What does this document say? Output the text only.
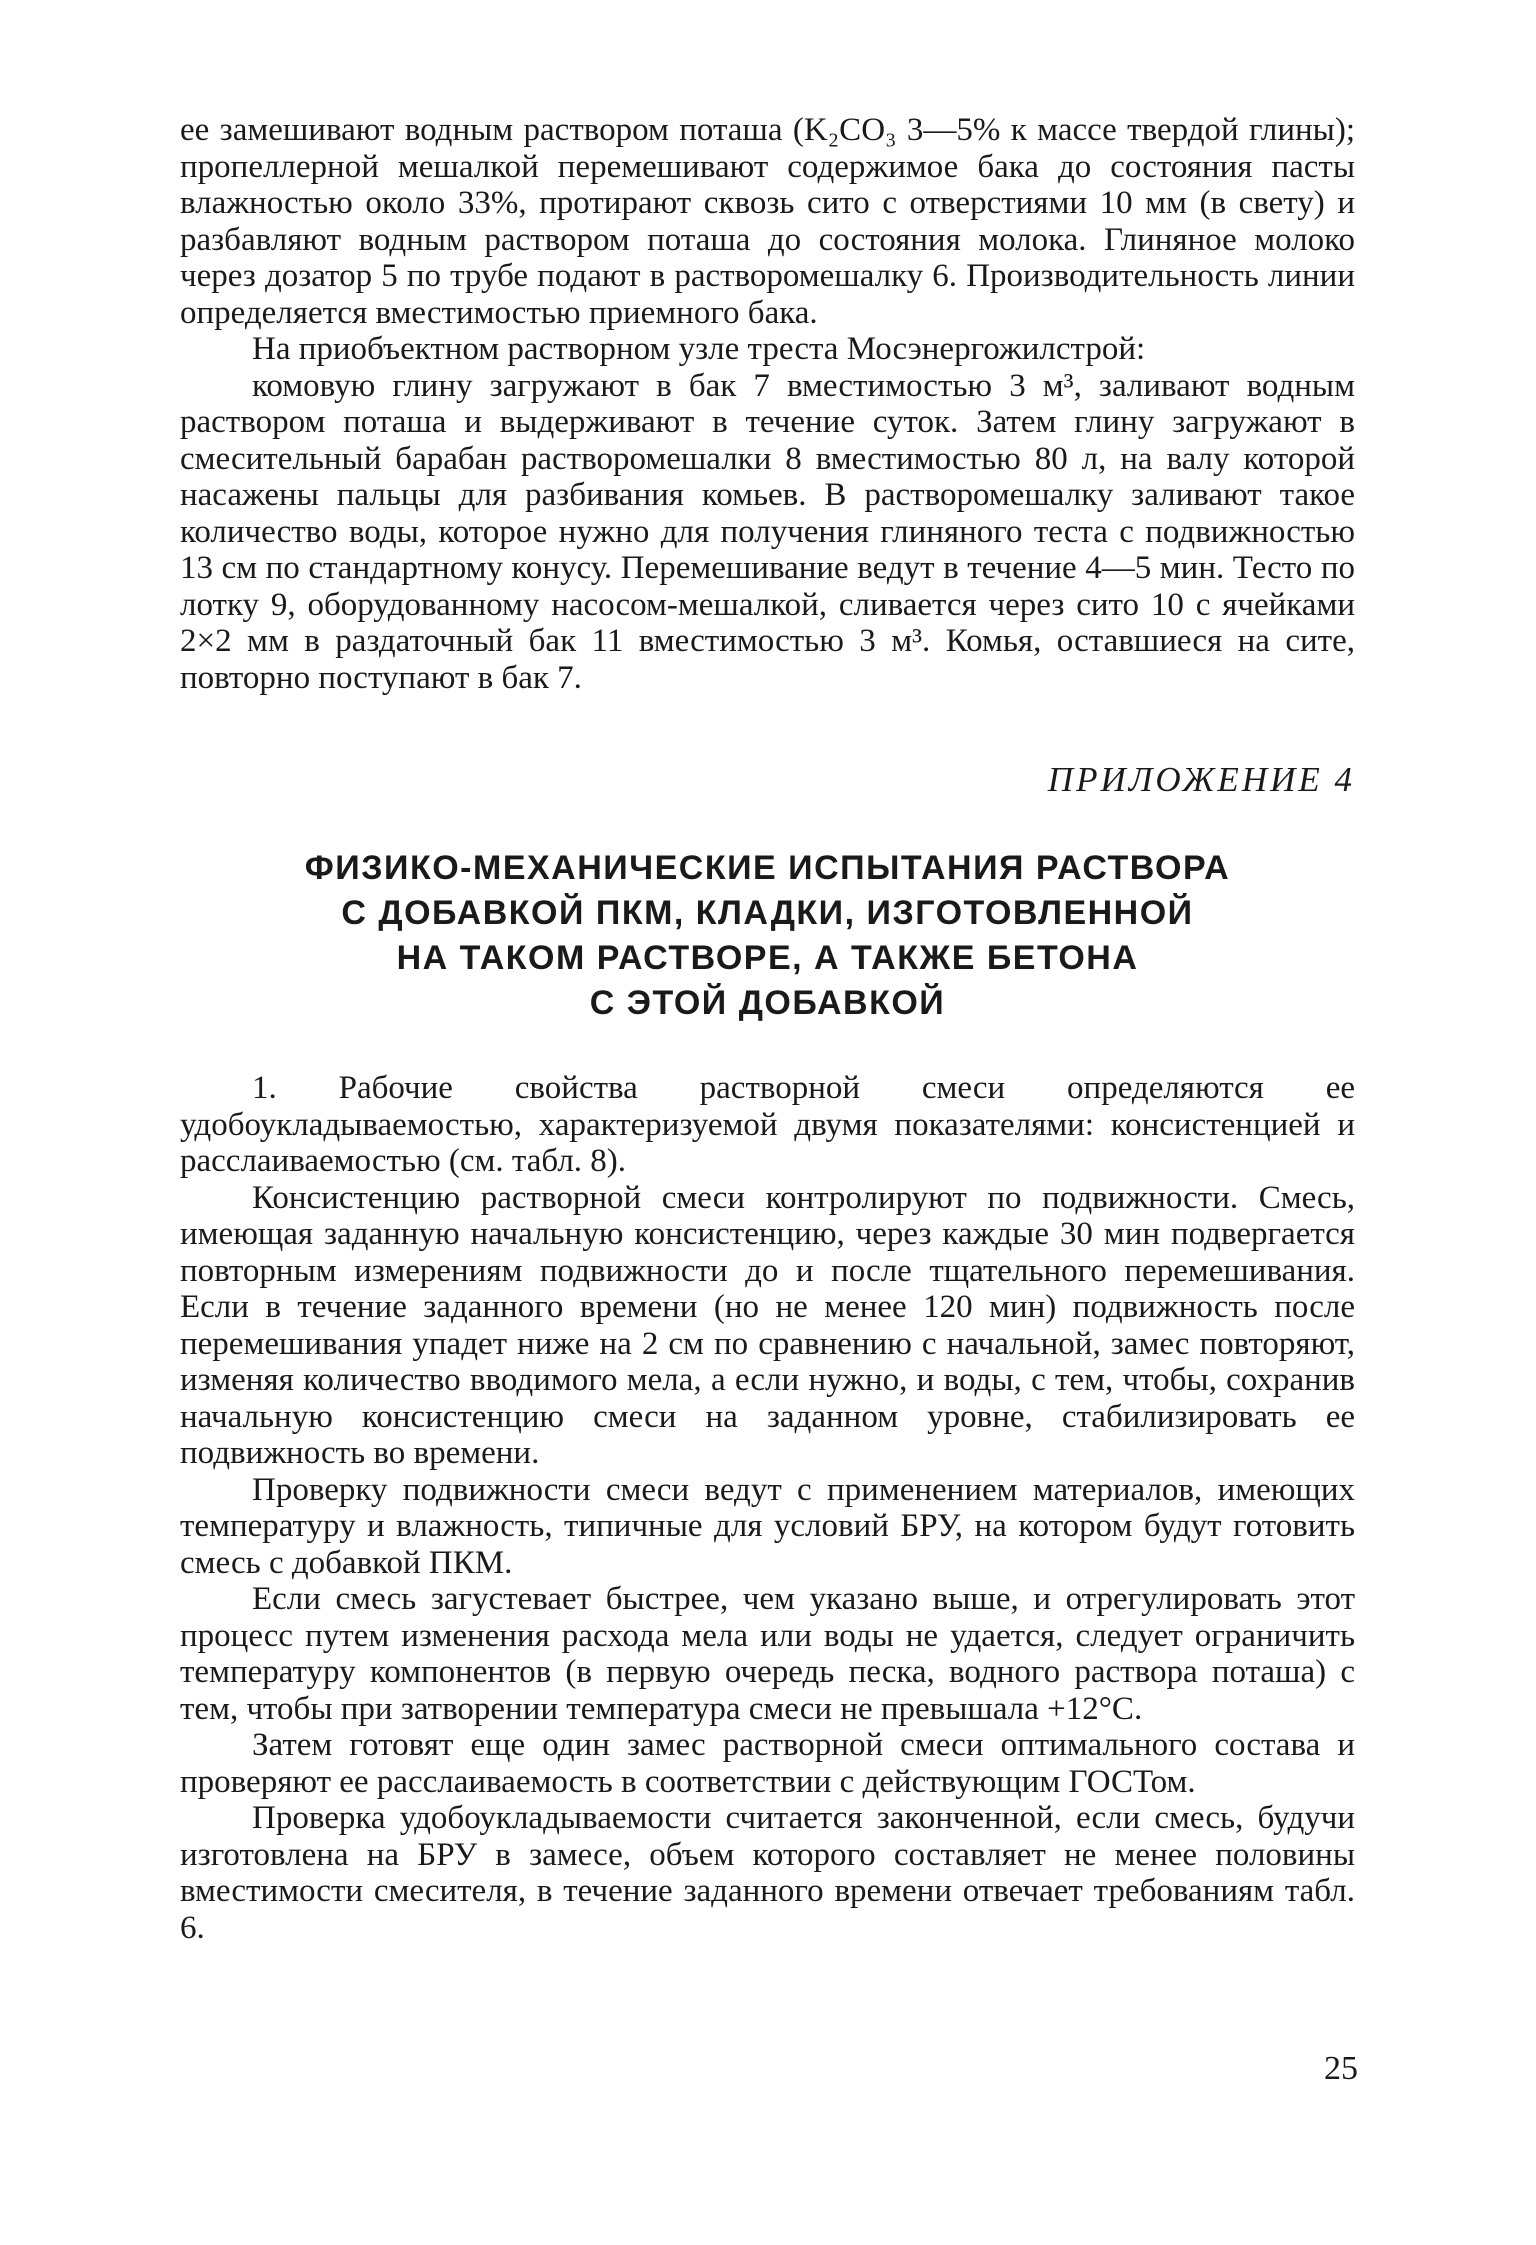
ее замешивают водным раствором поташа (K₂CO₃ 3—5% к массе твердой глины); пропеллерной мешалкой перемешивают содержимое бака до состояния пасты влажностью около 33%, протирают сквозь сито с отверстиями 10 мм (в свету) и разбавляют водным раствором поташа до состояния молока. Глиняное молоко через дозатор 5 по трубе подают в растворомешалку 6. Производительность линии определяется вместимостью приемного бака.

На приобъектном растворном узле треста Мосэнергожилстрой:

комовую глину загружают в бак 7 вместимостью 3 м³, заливают водным раствором поташа и выдерживают в течение суток. Затем глину загружают в смесительный барабан растворомешалки 8 вместимостью 80 л, на валу которой насажены пальцы для разбивания комьев. В растворомешалку заливают такое количество воды, которое нужно для получения глиняного теста с подвижностью 13 см по стандартному конусу. Перемешивание ведут в течение 4—5 мин. Тесто по лотку 9, оборудованному насосом-мешалкой, сливается через сито 10 с ячейками 2×2 мм в раздаточный бак 11 вместимостью 3 м³. Комья, оставшиеся на сите, повторно поступают в бак 7.

ПРИЛОЖЕНИЕ 4
ФИЗИКО-МЕХАНИЧЕСКИЕ ИСПЫТАНИЯ РАСТВОРА
С ДОБАВКОЙ ПКМ, КЛАДКИ, ИЗГОТОВЛЕННОЙ
НА ТАКОМ РАСТВОРЕ, А ТАКЖЕ БЕТОНА
С ЭТОЙ ДОБАВКОЙ

1. Рабочие свойства растворной смеси определяются ее удобоукладываемостью, характеризуемой двумя показателями: консистенцией и расслаиваемостью (см. табл. 8).

Консистенцию растворной смеси контролируют по подвижности. Смесь, имеющая заданную начальную консистенцию, через каждые 30 мин подвергается повторным измерениям подвижности до и после тщательного перемешивания. Если в течение заданного времени (но не менее 120 мин) подвижность после перемешивания упадет ниже на 2 см по сравнению с начальной, замес повторяют, изменяя количество вводимого мела, а если нужно, и воды, с тем, чтобы, сохранив начальную консистенцию смеси на заданном уровне, стабилизировать ее подвижность во времени.

Проверку подвижности смеси ведут с применением материалов, имеющих температуру и влажность, типичные для условий БРУ, на котором будут готовить смесь с добавкой ПКМ.

Если смесь загустевает быстрее, чем указано выше, и отрегулировать этот процесс путем изменения расхода мела или воды не удается, следует ограничить температуру компонентов (в первую очередь песка, водного раствора поташа) с тем, чтобы при затворении температура смеси не превышала +12°С.

Затем готовят еще один замес растворной смеси оптимального состава и проверяют ее расслаиваемость в соответствии с действующим ГОСТом.

Проверка удобоукладываемости считается законченной, если смесь, будучи изготовлена на БРУ в замесе, объем которого составляет не менее половины вместимости смесителя, в течение заданного времени отвечает требованиям табл. 6.

25
